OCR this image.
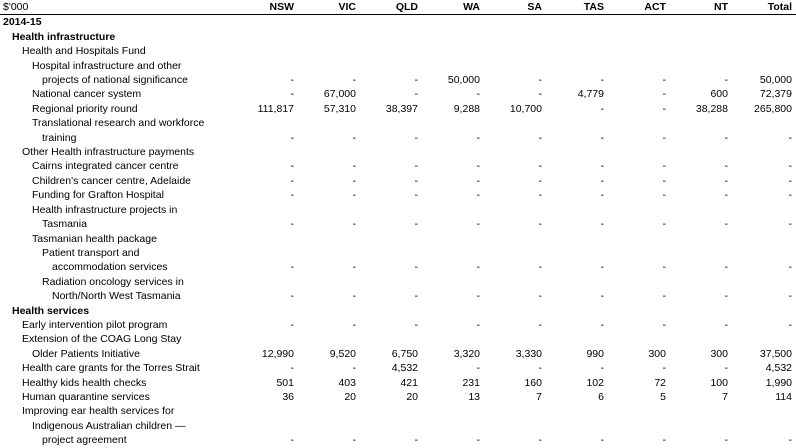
$'000	NSW	VIC	QLD	WA	SA	TAS	ACT	NT	Total
2014-15									
Health infrastructure									
Health and Hospitals Fund									
Hospital infrastructure and other									
projects of national significance	-	-	-	50,000	-	-	-	-	50,000
National cancer system	-	67,000	-	-	-	4,779	-	600	72,379
Regional priority round	111,817	57,310	38,397	9,288	10,700	-	-	38,288	265,800
Translational research and workforce									
training	-	-	-	-	-	-	-	-	-
Other Health infrastructure payments									
Cairns integrated cancer centre	-	-	-	-	-	-	-	-	-
Children's cancer centre, Adelaide	-	-	-	-	-	-	-	-	-
Funding for Grafton Hospital	-	-	-	-	-	-	-	-	-
Health infrastructure projects in									
Tasmania	-	-	-	-	-	-	-	-	-
Tasmanian health package									
Patient transport and									
accommodation services	-	-	-	-	-	-	-	-	-
Radiation oncology services in									
North/North West Tasmania	-	-	-	-	-	-	-	-	-
Health services									
Early intervention pilot program	-	-	-	-	-	-	-	-	-
Extension of the COAG Long Stay									
Older Patients Initiative	12,990	9,520	6,750	3,320	3,330	990	300	300	37,500
Health care grants for the Torres Strait	-	-	4,532	-	-	-	-	-	4,532
Healthy kids health checks	501	403	421	231	160	102	72	100	1,990
Human quarantine services	36	20	20	13	7	6	5	7	114
Improving ear health services for									
Indigenous Australian children —									
project agreement	-	-	-	-	-	-	-	-	-
